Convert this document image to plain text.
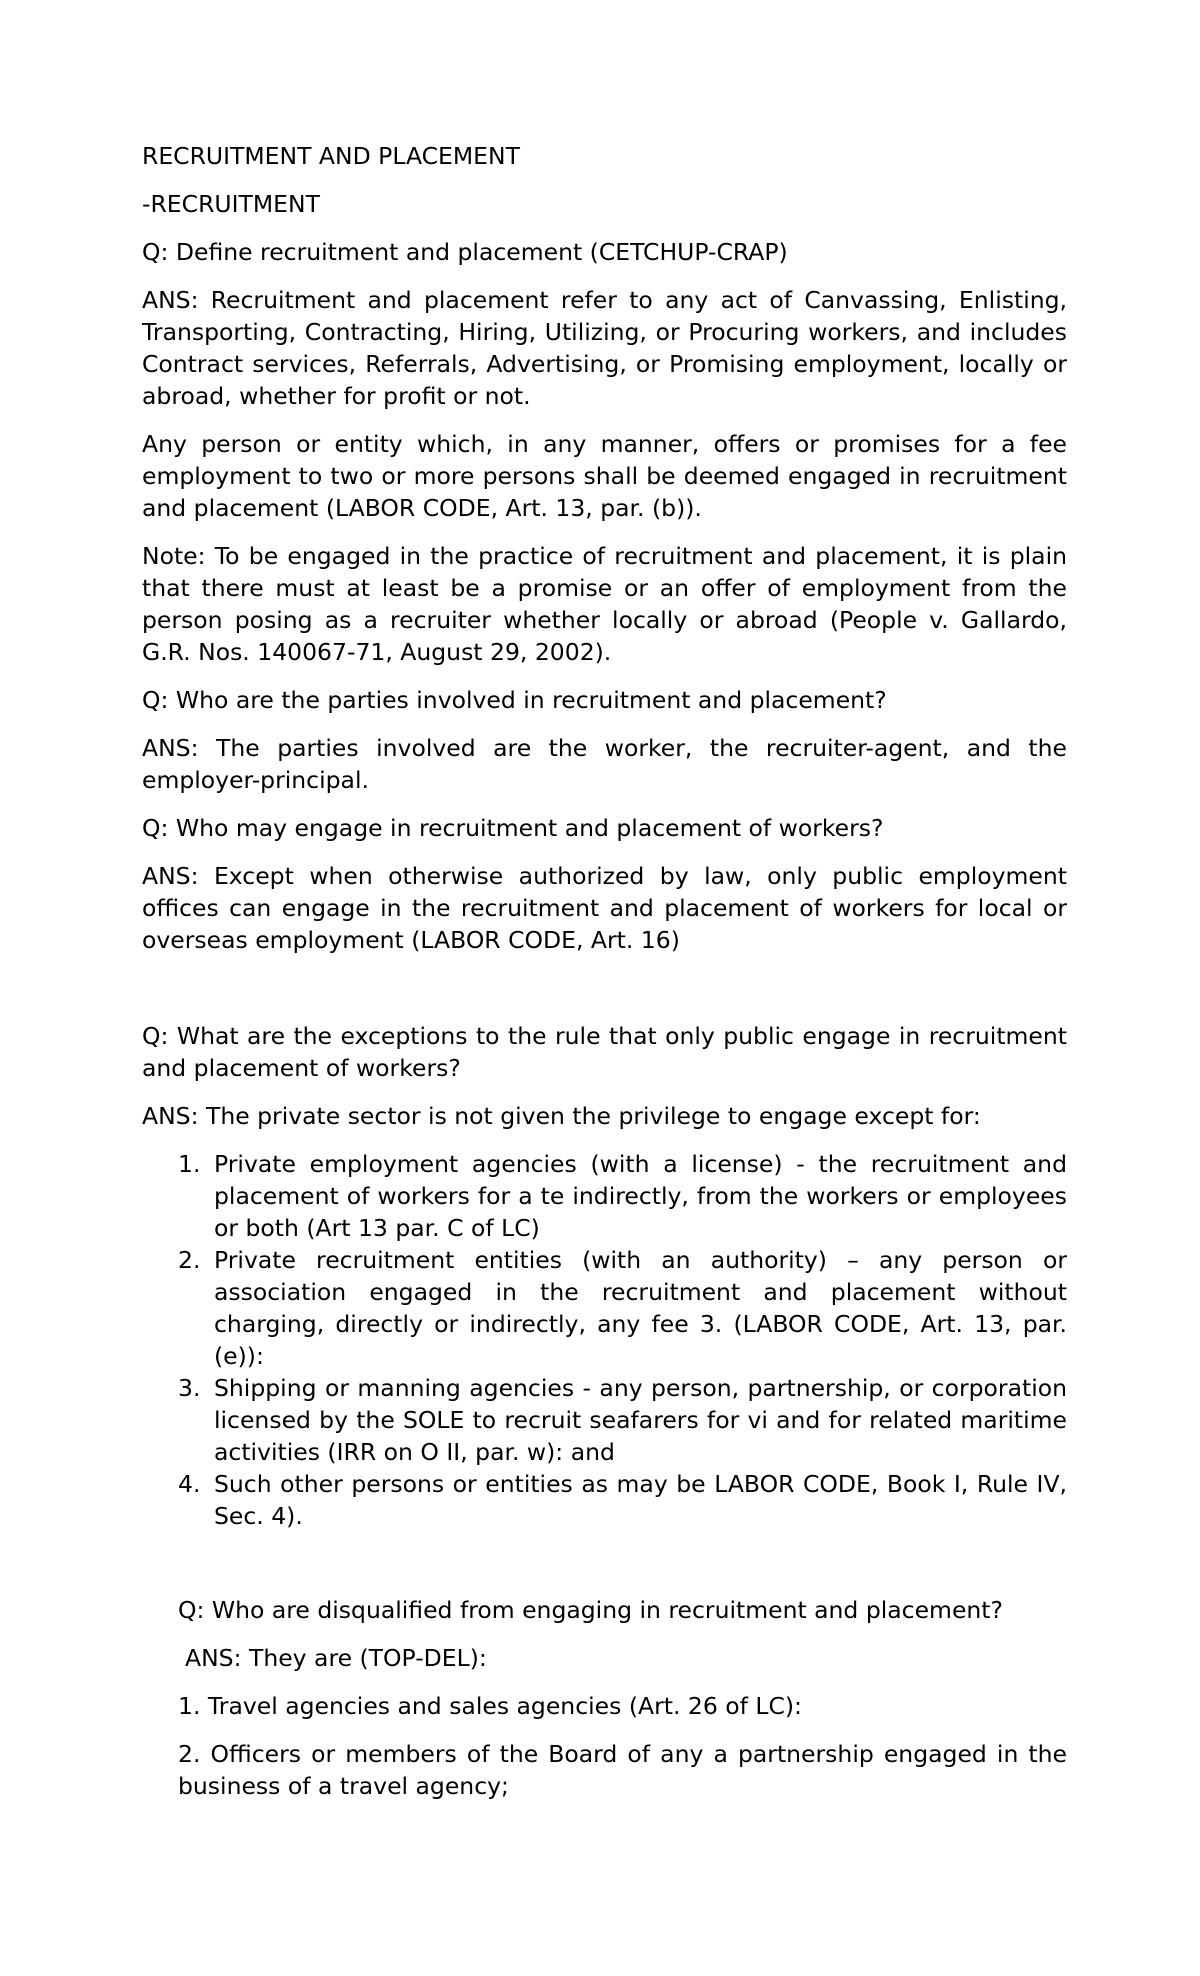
RECRUITMENT AND PLACEMENT

-RECRUITMENT

Q: Define recruitment and placement (CETCHUP-CRAP)

ANS: Recruitment and placement refer to any act of Canvassing, Enlisting, Transporting, Contracting, Hiring, Utilizing, or Procuring workers, and includes Contract services, Referrals, Advertising, or Promising employment, locally or abroad, whether for profit or not.

Any person or entity which, in any manner, offers or promises for a fee employment to two or more persons shall be deemed engaged in recruitment and placement (LABOR CODE, Art. 13, par. (b)).

Note: To be engaged in the practice of recruitment and placement, it is plain that there must at least be a promise or an offer of employment from the person posing as a recruiter whether locally or abroad (People v. Gallardo, G.R. Nos. 140067-71, August 29, 2002).

Q: Who are the parties involved in recruitment and placement?

ANS: The parties involved are the worker, the recruiter-agent, and the employer-principal.

Q: Who may engage in recruitment and placement of workers?

ANS: Except when otherwise authorized by law, only public employment offices can engage in the recruitment and placement of workers for local or overseas employment (LABOR CODE, Art. 16)

Q: What are the exceptions to the rule that only public engage in recruitment and placement of workers?

ANS: The private sector is not given the privilege to engage except for:

1. Private employment agencies (with a license) - the recruitment and placement of workers for a te indirectly, from the workers or employees or both (Art 13 par. C of LC)
2. Private recruitment entities (with an authority) – any person or association engaged in the recruitment and placement without charging, directly or indirectly, any fee 3. (LABOR CODE, Art. 13, par. (e)):
3. Shipping or manning agencies - any person, partnership, or corporation licensed by the SOLE to recruit seafarers for vi and for related maritime activities (IRR on O II, par. w): and
4. Such other persons or entities as may be LABOR CODE, Book I, Rule IV, Sec. 4).

Q: Who are disqualified from engaging in recruitment and placement?

ANS: They are (TOP-DEL):

1. Travel agencies and sales agencies (Art. 26 of LC):

2. Officers or members of the Board of any a partnership engaged in the business of a travel agency;
